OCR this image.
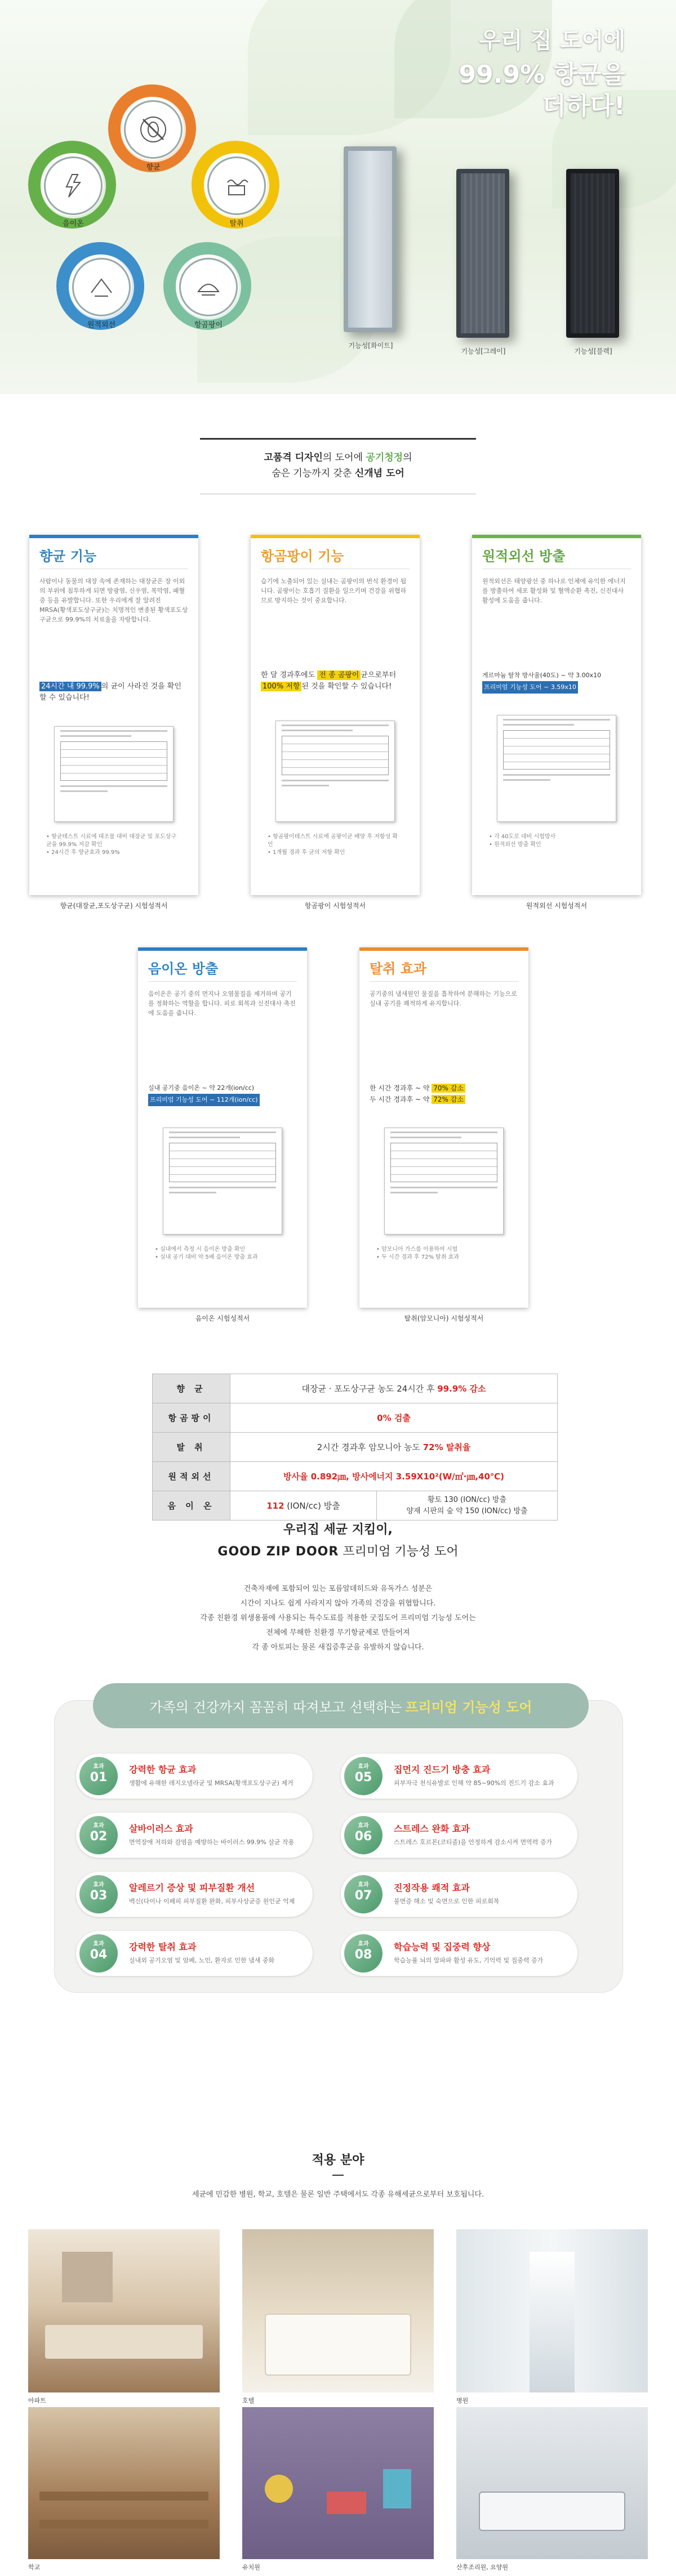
우리 집 도어에
99.9% 향균을
더하다!
향균
탈취
항곰팡이
원적외선
음이온
기능성[화이트]
기능성[그레이]	기능성[블랙]

고품격 디자인의 도어에 공기청정의
숨은 기능까지 갖춘 신개념 도어

향균 기능
사람이나 동물의 대장 속에 존재하는 대장균은 장 이외의 부위에 침투하게 되면 방광염, 신우염, 복막염, 패혈증 등을 유발합니다. 또한 우리에게 잘 알려진 MRSA(황색포도상구균)는 치명적인 변종된 황색포도상구균으로 99.9%의 치료율을 자랑합니다.
24시간 내 99.9% 의 균이 사라진 것을 확인할 수 있습니다!
• 항균테스트 시료에 대조물 대비 대장균 및 포도상구균을 99.9% 저감 확인
• 24시간 후 향균효과 99.9%
향균(대장균,포도상구균) 시험성적서
항곰팡이 기능
습기에 노출되어 있는 실내는 곰팡이의 번식 환경이 됩니다. 곰팡이는 호흡기 질환을 일으키며 건강을 위협하므로 방지하는 것이 중요합니다.
한 달 경과후에도 전 종 곰팡이 균으로부터 100% 저항 된 것을 확인할 수 있습니다!
• 항곰팡이테스트 시료에 곰팡이균 배양 후 저항성 확인
• 1개월 경과 후 균의 저항 확인
항곰팡이 시험성적서
원적외선 방출
원적외선은 태양광선 중 하나로 인체에 유익한 에너지를 방출하여 세포 활성화 및 혈액순환 촉진, 신진대사 활성에 도움을 줍니다.
게르마늄 탈착 방사율(40도) ~ 약 3.00x10
프리미엄 기능성 도어 ~ 3.59x10
• 각 40도로 대비 시험방사
• 원적외선 방출 확인
원적외선 시험성적서
음이온 방출
음이온은 공기 중의 먼지나 오염물질을 제거하며 공기를 정화하는 역할을 합니다. 피로 회복과 신진대사 촉진에 도움을 줍니다.
실내 공기중 음이온 ~ 약 22개(ion/cc)
프리미엄 기능성 도어 ~ 112개(ion/cc)
• 실내에서 측정 시 음이온 방출 확인
• 실내 공기 대비 약 5배 음이온 방출 효과
음이온 시험성적서
탈취 효과
공기중의 냄새원인 물질을 흡착하여 분해하는 기능으로 실내 공기를 쾌적하게 유지합니다.
한 시간 경과후 ~ 약 70% 감소
두 시간 경과후 ~ 약 72% 감소
• 암모니아 가스를 이용하여 시험
• 두 시간 경과 후 72% 탈취 효과
탈취(암모니아) 시험성적서
향 균	대장균 · 포도상구균 농도 24시간 후 99.9% 감소	
항곰팡이	0% 검출	
탈 취	2시간 경과후 암모니아 농도 72% 탈취율	
원적외선	방사율 0.892㎛, 방사에너지 3.59X10²(W/㎡·㎛,40℃)	
음 이 온	112 (ION/cc) 방출	황토 130 (ION/cc) 방출
양재 시판의 숲 약 150 (ION/cc) 방출
우리집 세균 지킴이,
GOOD ZIP DOOR 프리미엄 기능성 도어
건축자재에 포함되어 있는 포름알데히드와 유독가스 성분은
시간이 지나도 쉽게 사라지지 않아 가족의 건강을 위협합니다.
각종 친환경 위생용품에 사용되는 특수도료를 적용한 굿집도어 프리미엄 기능성 도어는
전체에 무해한 친환경 무기항균제로 만들어져
각 종 아토피는 물론 새집증후군을 유발하지 않습니다.
가족의 건강까지 꼼꼼히 따져보고 선택하는 프리미엄 기능성 도어
효과
01
강력한 항균 효과
생활에 유해한 레지오넬라균 및 MRSA(황색포도상구균) 제거
효과
05
집먼지 진드기 방충 효과
피부자극 천식유발로 인해 약 85~90%의 진드기 감소 효과
효과
02
살바이러스 효과
면역장애 저하와 감염을 예방하는 바이러스 99.9% 살균 작용
효과
06
스트레스 완화 효과
스트레스 호르몬(코티졸)을 안정하게 감소시켜 면역력 증가
효과
03
알레르기 증상 및 피부질환 개선
백신(다이나 이페피 피부질환 완화, 피부사상균증 원인균 억제
효과
07
진정작용 쾌적 효과
불면증 해소 및 숙면으로 인한 피로회복
효과
04
강력한 탈취 효과
실내외 공기오염 및 암페, 노인, 환자로 인한 냄새 중화
효과
08
학습능력 및 집중력 향상
학습능률 뇌의 알파파 활성 유도, 기억력 및 집중력 증가
적용 분야
세균에 민감한 병원, 학교, 호텔은 물론 일반 주택에서도 각종 유해세균으로부터 보호됩니다.
아파트	호텔	병원
학교	유치원	산후조리원, 요양원
